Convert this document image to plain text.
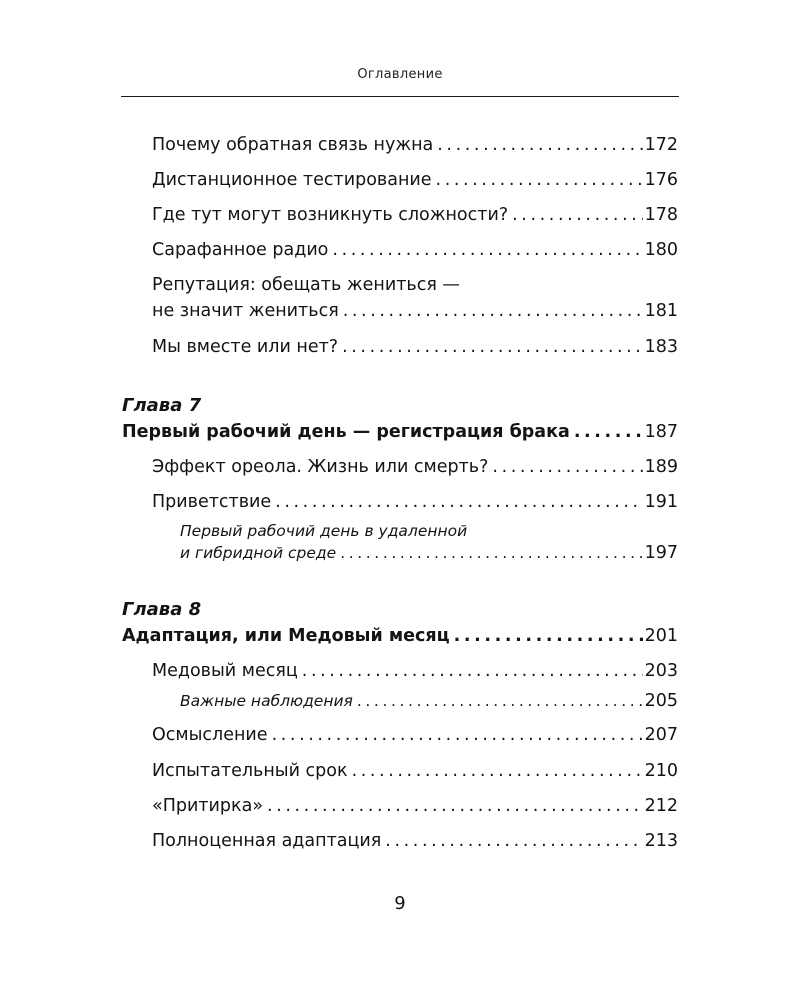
Оглавление
Почему обратная связь нужна .....	172
Дистанционное тестирование .....	176
Где тут могут возникнуть сложности? .....	178
Сарафанное радио .....	180
Репутация: обещать жениться —
не значит жениться .....	181
Мы вместе или нет? .....	183
Глава 7
Первый рабочий день — регистрация брака .....	187
Эффект ореола. Жизнь или смерть? .....	189
Приветствие .....	191
Первый рабочий день в удаленной
и гибридной среде .....	197
Глава 8
Адаптация, или Медовый месяц .....	201
Медовый месяц .....	203
Важные наблюдения .....	205
Осмысление .....	207
Испытательный срок .....	210
«Притирка» .....	212
Полноценная адаптация .....	213
9
